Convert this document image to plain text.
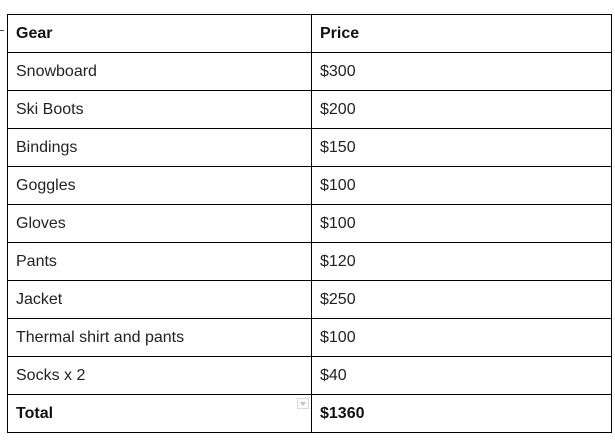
Gear	Price
Snowboard	$300
Ski Boots	$200
Bindings	$150
Goggles	$100
Gloves	$100
Pants	$120
Jacket	$250
Thermal shirt and pants	$100
Socks x 2	$40
Total	$1360
